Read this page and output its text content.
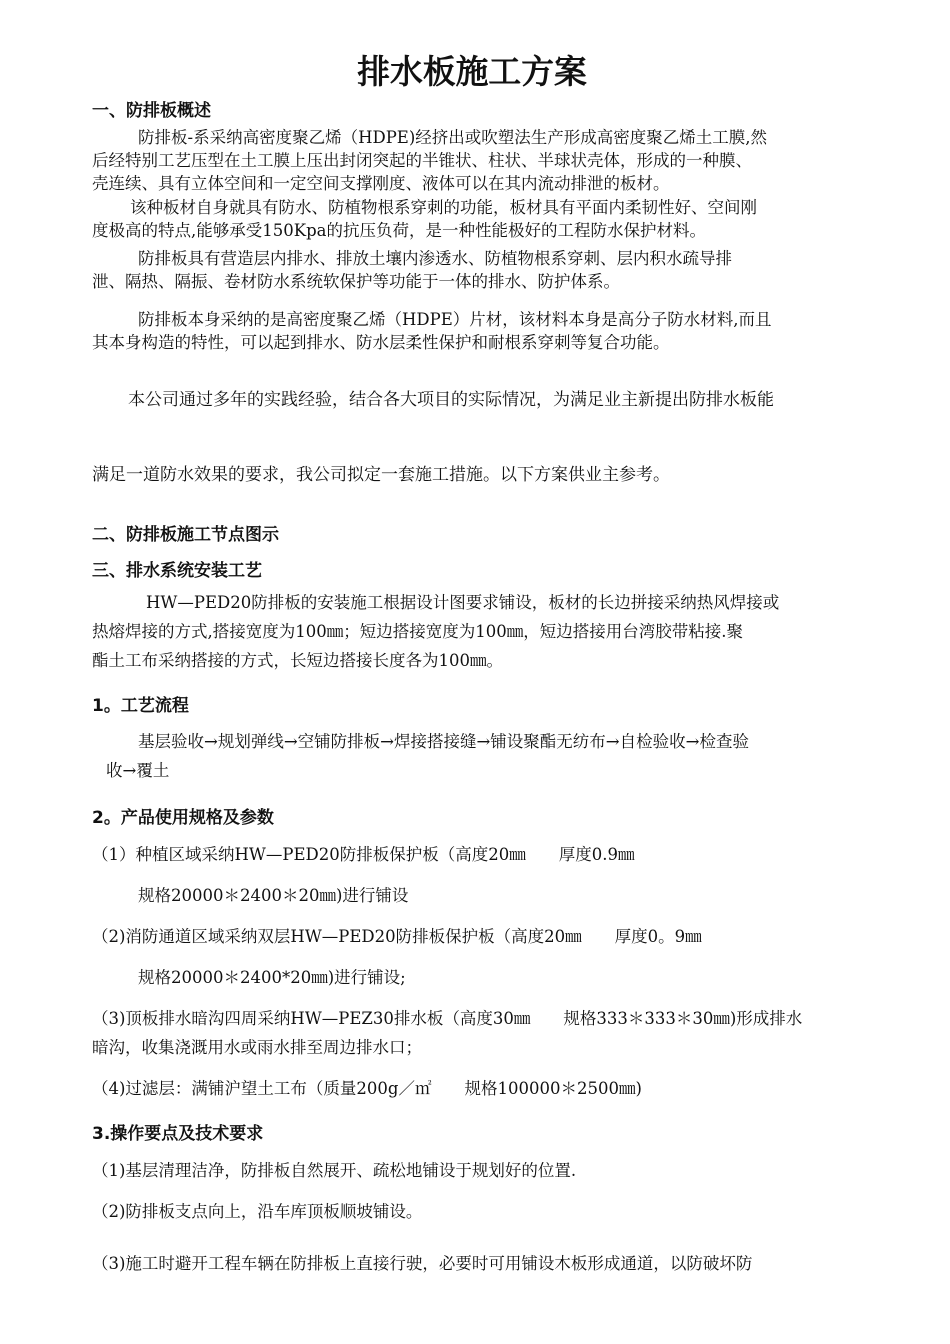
排水板施工方案
一、防排板概述
防排板-系采纳高密度聚乙烯（HDPE)经挤出或吹塑法生产形成高密度聚乙烯土工膜,然
后经特别工艺压型在土工膜上压出封闭突起的半锥状、柱状、半球状壳体，形成的一种膜、
壳连续、具有立体空间和一定空间支撑刚度、液体可以在其内流动排泄的板材。
该种板材自身就具有防水、防植物根系穿刺的功能，板材具有平面内柔韧性好、空间刚
度极高的特点,能够承受150Kpa的抗压负荷，是一种性能极好的工程防水保护材料。
防排板具有营造层内排水、排放土壤内渗透水、防植物根系穿刺、层内积水疏导排
泄、隔热、隔振、卷材防水系统软保护等功能于一体的排水、防护体系。
防排板本身采纳的是高密度聚乙烯（HDPE）片材，该材料本身是高分子防水材料,而且
其本身构造的特性，可以起到排水、防水层柔性保护和耐根系穿刺等复合功能。
本公司通过多年的实践经验，结合各大项目的实际情况，为满足业主新提出防排水板能
满足一道防水效果的要求，我公司拟定一套施工措施。以下方案供业主参考。
二、防排板施工节点图示
三、排水系统安装工艺
HW—PED20防排板的安装施工根据设计图要求铺设，板材的长边拼接采纳热风焊接或
热熔焊接的方式,搭接宽度为100㎜；短边搭接宽度为100㎜，短边搭接用台湾胶带粘接.聚
酯土工布采纳搭接的方式，长短边搭接长度各为100㎜。
1。工艺流程
基层验收→规划弹线→空铺防排板→焊接搭接缝→铺设聚酯无纺布→自检验收→检查验
收→覆土
2。产品使用规格及参数
（1）种植区域采纳HW—PED20防排板保护板（高度20㎜　　厚度0.9㎜
规格20000＊2400＊20㎜)进行铺设
（2)消防通道区域采纳双层HW—PED20防排板保护板（高度20㎜　　厚度0。9㎜
规格20000＊2400*20㎜)进行铺设;
（3)顶板排水暗沟四周采纳HW—PEZ30排水板（高度30㎜　　规格333＊333＊30㎜)形成排水
暗沟，收集浇溉用水或雨水排至周边排水口；
（4)过滤层：满铺沪望土工布（质量200g／㎡　　规格100000＊2500㎜)
3.操作要点及技术要求
（1)基层清理洁净，防排板自然展开、疏松地铺设于规划好的位置.
（2)防排板支点向上，沿车库顶板顺坡铺设。
（3)施工时避开工程车辆在防排板上直接行驶，必要时可用铺设木板形成通道，以防破坏防
